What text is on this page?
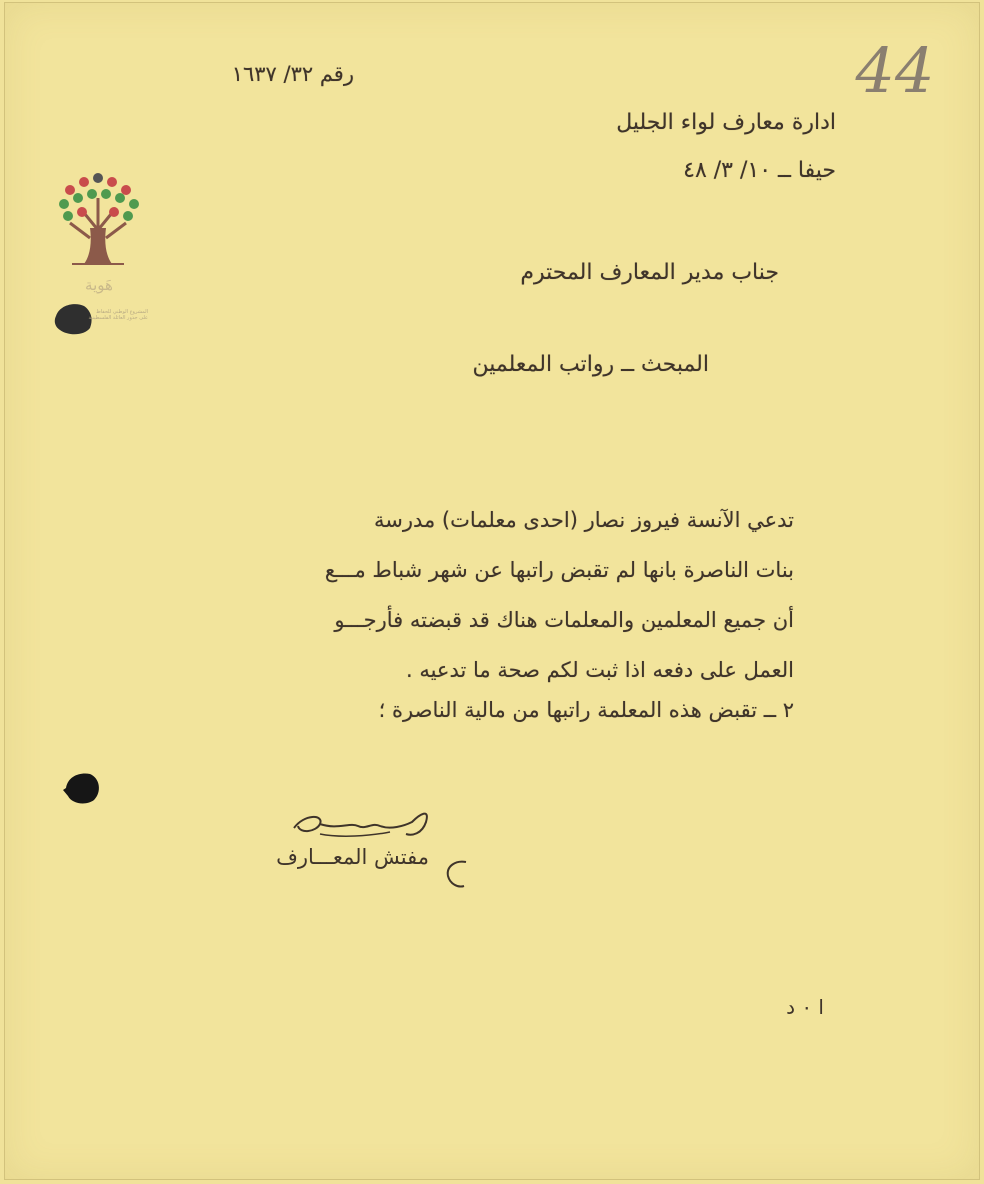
هَوية
المشروع الوطني للحفاظ على جذور العائلة الفلسطينية
44
رقم ٣٢/ ١٦٣٧
ادارة معارف لواء الجليل
حيفا ــ ١٠/ ٣/ ٤٨
جناب مدير المعارف المحترم
المبحث ــ رواتب المعلمين
تدعي الآنسة فيروز نصار (احدى معلمات) مدرسة
بنات الناصرة بانها لم تقبض راتبها عن شهر شباط مـــع
أن جميع المعلمين والمعلمات هناك قد قبضته فأرجـــو
العمل على دفعه اذا ثبت لكم صحة ما تدعيه .
٢ ــ تقبض هذه المعلمة راتبها من مالية الناصرة ؛
مفتش المعـــارف
ا ٠ د
